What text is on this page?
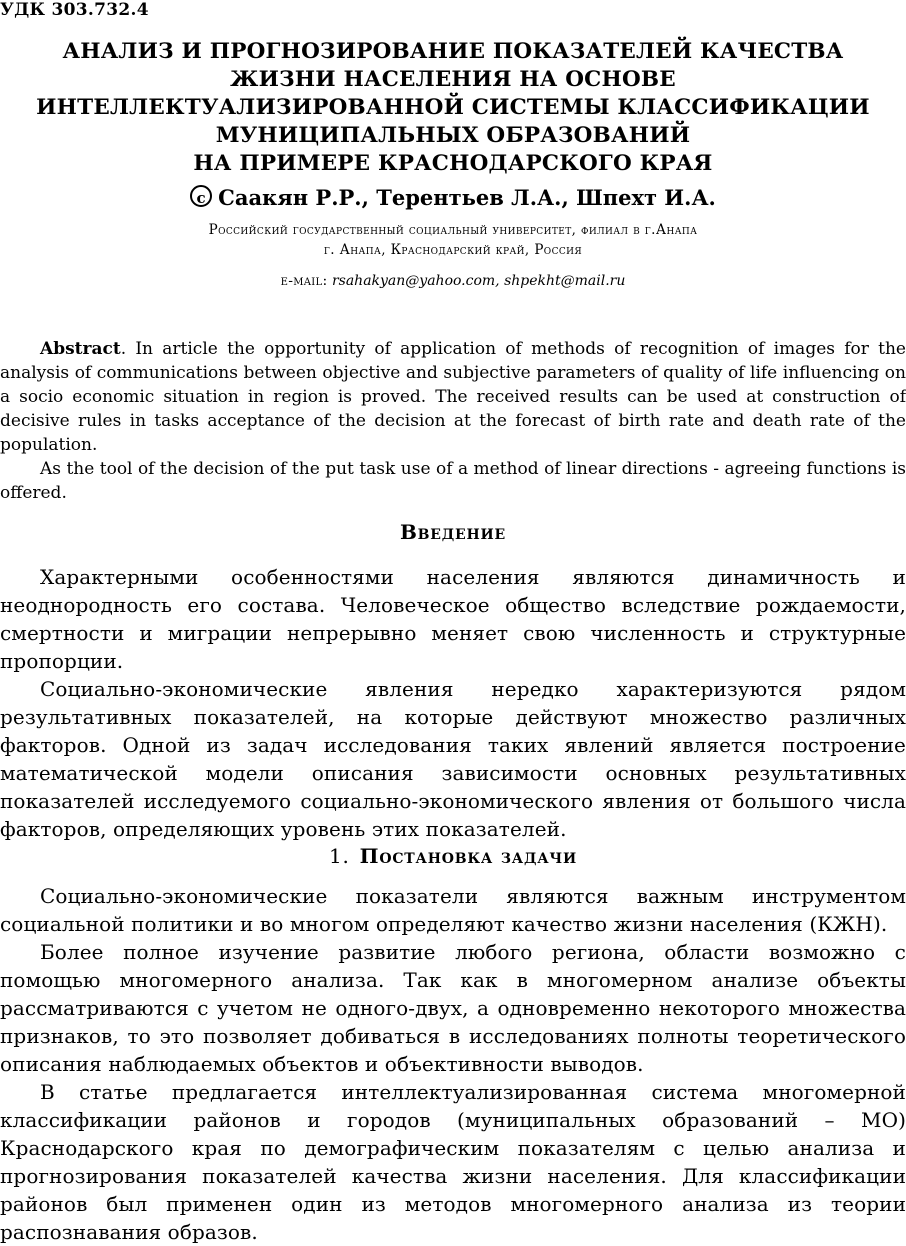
УДК 303.732.4
АНАЛИЗ И ПРОГНОЗИРОВАНИЕ ПОКАЗАТЕЛЕЙ КАЧЕСТВА
ЖИЗНИ НАСЕЛЕНИЯ НА ОСНОВЕ
ИНТЕЛЛЕКТУАЛИЗИРОВАННОЙ СИСТЕМЫ КЛАССИФИКАЦИИ
МУНИЦИПАЛЬНЫХ ОБРАЗОВАНИЙ
НА ПРИМЕРЕ КРАСНОДАРСКОГО КРАЯ
c Саакян Р.Р., Терентьев Л.А., Шпехт И.А.
Российский государственный социальный университет, филиал в г.Анапа
г. Анапа, Краснодарский край, Россия
e-mail: rsahakyan@yahoo.com, shpekht@mail.ru

Abstract. In article the opportunity of application of methods of recognition of images for the analysis of communications between objective and subjective parameters of quality of life influencing on a socio economic situation in region is proved. The received results can be used at construction of decisive rules in tasks acceptance of the decision at the forecast of birth rate and death rate of the population.

As the tool of the decision of the put task use of a method of linear directions - agreeing functions is offered.

Введение

Характерными особенностями населения являются динамичность и неоднородность его состава. Человеческое общество вследствие рождаемости, смертности и миграции непрерывно меняет свою численность и структурные пропорции.

Социально-экономические явления нередко характеризуются рядом результативных показателей, на которые действуют множество различных факторов. Одной из задач исследования таких явлений является построение математической модели описания зависимости основных результативных показателей исследуемого социально-экономического явления от большого числа факторов, определяющих уровень этих показателей.

1. Постановка задачи

Социально-экономические показатели являются важным инструментом социальной политики и во многом определяют качество жизни населения (КЖН).

Более полное изучение развитие любого региона, области возможно с помощью многомерного анализа. Так как в многомерном анализе объекты рассматриваются с учетом не одного-двух, а одновременно некоторого множества признаков, то это позволяет добиваться в исследованиях полноты теоретического описания наблюдаемых объектов и объективности выводов.

В статье предлагается интеллектуализированная система многомерной классификации районов и городов (муниципальных образований – МО) Краснодарского края по демографическим показателям с целью анализа и прогнозирования показателей качества жизни населения. Для классификации районов был применен один из методов многомерного анализа из теории распознавания образов.
